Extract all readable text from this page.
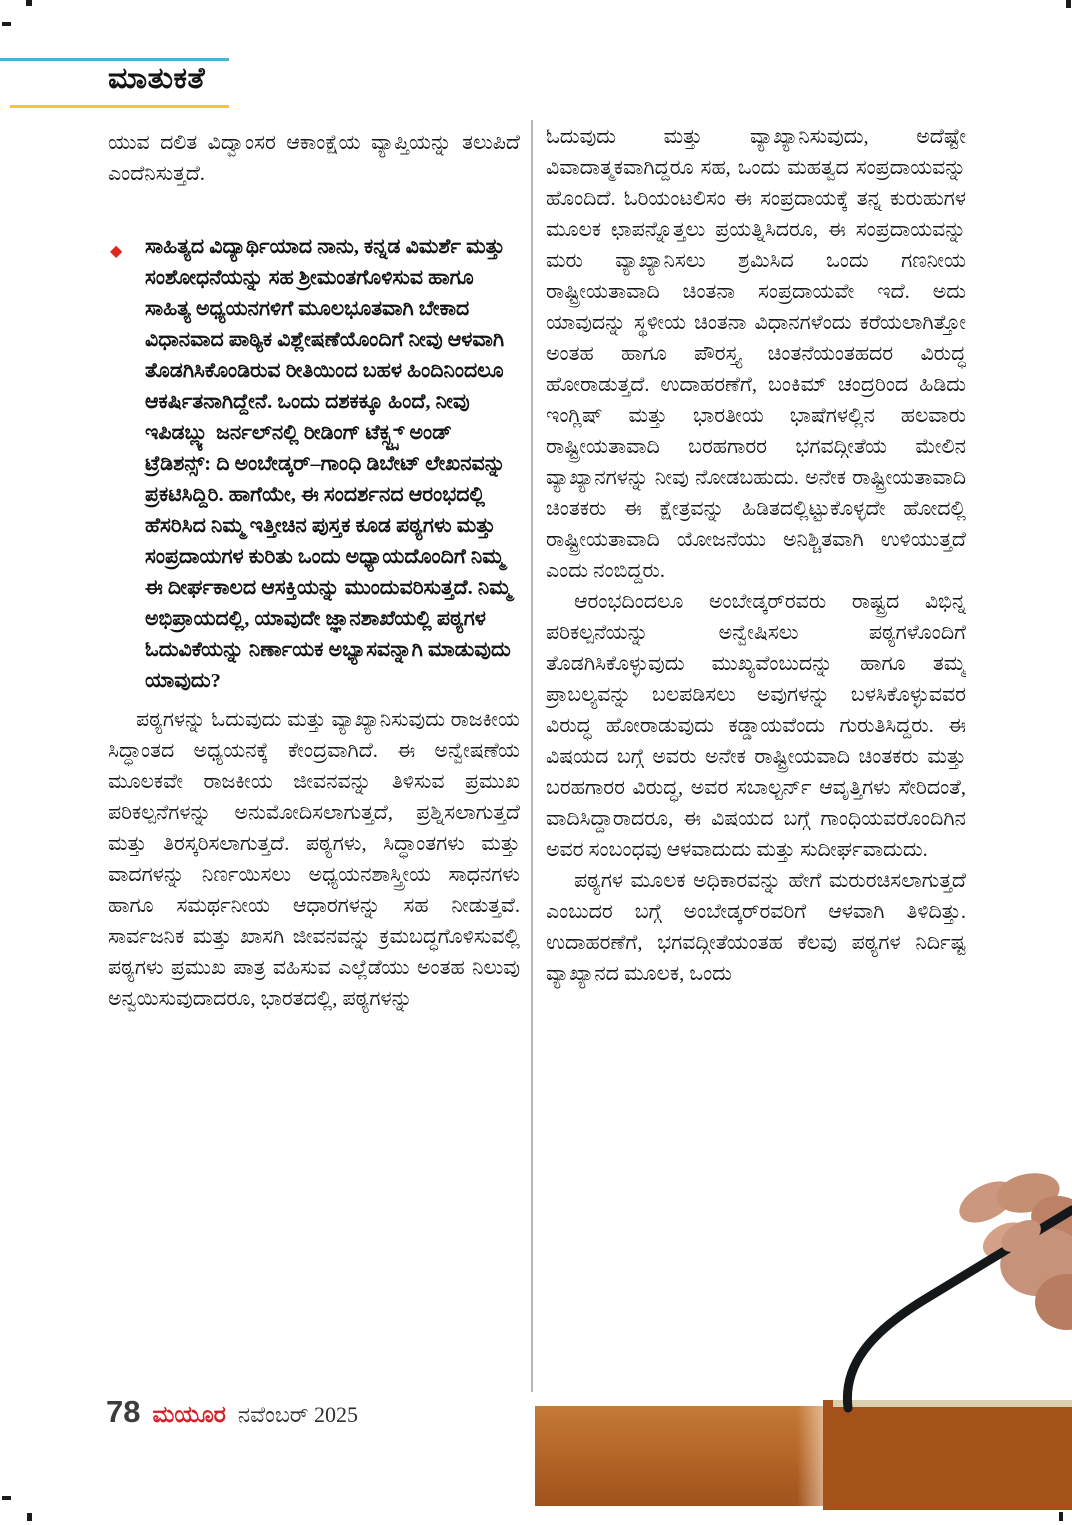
ಮಾತುಕತೆ
ಯುವ ದಲಿತ ವಿದ್ವಾಂಸರ ಆಕಾಂಕ್ಷೆಯ ವ್ಯಾಪ್ತಿಯನ್ನು ತಲುಪಿದೆ ಎಂದೆನಿಸುತ್ತದೆ.
◆ ಸಾಹಿತ್ಯದ ವಿದ್ಯಾರ್ಥಿಯಾದ ನಾನು, ಕನ್ನಡ ವಿಮರ್ಶೆ ಮತ್ತು ಸಂಶೋಧನೆಯನ್ನು ಸಹ ಶ್ರೀಮಂತಗೊಳಿಸುವ ಹಾಗೂ ಸಾಹಿತ್ಯ ಅಧ್ಯಯನಗಳಿಗೆ ಮೂಲಭೂತವಾಗಿ ಬೇಕಾದ ವಿಧಾನವಾದ ಪಾಠ್ಯಿಕ ವಿಶ್ಲೇಷಣೆಯೊಂದಿಗೆ ನೀವು ಆಳವಾಗಿ ತೊಡಗಿಸಿಕೊಂಡಿರುವ ರೀತಿಯಿಂದ ಬಹಳ ಹಿಂದಿನಿಂದಲೂ ಆಕರ್ಷಿತನಾಗಿದ್ದೇನೆ. ಒಂದು ದಶಕಕ್ಕೂ ಹಿಂದೆ, ನೀವು ಇಪಿಡಬ್ಲ್ಯು ಜರ್ನಲ್‌ನಲ್ಲಿ ರೀಡಿಂಗ್ ಟೆಕ್ಸ್ಟ್ಸ್ ಅಂಡ್ ಟ್ರೆಡಿಶನ್ಸ್: ದಿ ಅಂಬೇಡ್ಕರ್–ಗಾಂಧಿ ಡಿಬೇಟ್ ಲೇಖನವನ್ನು ಪ್ರಕಟಿಸಿದ್ದಿರಿ. ಹಾಗೆಯೇ, ಈ ಸಂದರ್ಶನದ ಆರಂಭದಲ್ಲಿ ಹೆಸರಿಸಿದ ನಿಮ್ಮ ಇತ್ತೀಚಿನ ಪುಸ್ತಕ ಕೂಡ ಪಠ್ಯಗಳು ಮತ್ತು ಸಂಪ್ರದಾಯಗಳ ಕುರಿತು ಒಂದು ಅಧ್ಯಾಯದೊಂದಿಗೆ ನಿಮ್ಮ ಈ ದೀರ್ಘಕಾಲದ ಆಸಕ್ತಿಯನ್ನು ಮುಂದುವರಿಸುತ್ತದೆ. ನಿಮ್ಮ ಅಭಿಪ್ರಾಯದಲ್ಲಿ, ಯಾವುದೇ ಜ್ಞಾನಶಾಖೆಯಲ್ಲಿ ಪಠ್ಯಗಳ ಓದುವಿಕೆಯನ್ನು ನಿರ್ಣಾಯಕ ಅಭ್ಯಾಸವನ್ನಾಗಿ ಮಾಡುವುದು ಯಾವುದು?
ಪಠ್ಯಗಳನ್ನು ಓದುವುದು ಮತ್ತು ವ್ಯಾಖ್ಯಾನಿಸುವುದು ರಾಜಕೀಯ ಸಿದ್ಧಾಂತದ ಅಧ್ಯಯನಕ್ಕೆ ಕೇಂದ್ರವಾಗಿದೆ. ಈ ಅನ್ವೇಷಣೆಯ ಮೂಲಕವೇ ರಾಜಕೀಯ ಜೀವನವನ್ನು ತಿಳಿಸುವ ಪ್ರಮುಖ ಪರಿಕಲ್ಪನೆಗಳನ್ನು ಅನುಮೋದಿಸಲಾಗುತ್ತದೆ, ಪ್ರಶ್ನಿಸಲಾಗುತ್ತದೆ ಮತ್ತು ತಿರಸ್ಕರಿಸಲಾಗುತ್ತದೆ. ಪಠ್ಯಗಳು, ಸಿದ್ಧಾಂತಗಳು ಮತ್ತು ವಾದಗಳನ್ನು ನಿರ್ಣಯಿಸಲು ಅಧ್ಯಯನಶಾಸ್ತ್ರೀಯ ಸಾಧನಗಳು ಹಾಗೂ ಸಮರ್ಥನೀಯ ಆಧಾರಗಳನ್ನು ಸಹ ನೀಡುತ್ತವೆ. ಸಾರ್ವಜನಿಕ ಮತ್ತು ಖಾಸಗಿ ಜೀವನವನ್ನು ಕ್ರಮಬದ್ಧಗೊಳಿಸುವಲ್ಲಿ ಪಠ್ಯಗಳು ಪ್ರಮುಖ ಪಾತ್ರ ವಹಿಸುವ ಎಲ್ಲೆಡೆಯು ಅಂತಹ ನಿಲುವು ಅನ್ವಯಿಸುವುದಾದರೂ, ಭಾರತದಲ್ಲಿ, ಪಠ್ಯಗಳನ್ನು
ಓದುವುದು ಮತ್ತು ವ್ಯಾಖ್ಯಾನಿಸುವುದು, ಅದೆಷ್ಟೇ ವಿವಾದಾತ್ಮಕವಾಗಿದ್ದರೂ ಸಹ, ಒಂದು ಮಹತ್ವದ ಸಂಪ್ರದಾಯವನ್ನು ಹೊಂದಿದೆ. ಓರಿಯಂಟಲಿಸಂ ಈ ಸಂಪ್ರದಾಯಕ್ಕೆ ತನ್ನ ಕುರುಹುಗಳ ಮೂಲಕ ಛಾಪನ್ನೊತ್ತಲು ಪ್ರಯತ್ನಿಸಿದರೂ, ಈ ಸಂಪ್ರದಾಯವನ್ನು ಮರು ವ್ಯಾಖ್ಯಾನಿಸಲು ಶ್ರಮಿಸಿದ ಒಂದು ಗಣನೀಯ ರಾಷ್ಟ್ರೀಯತಾವಾದಿ ಚಿಂತನಾ ಸಂಪ್ರದಾಯವೇ ಇದೆ. ಅದು ಯಾವುದನ್ನು ಸ್ಥಳೀಯ ಚಿಂತನಾ ವಿಧಾನಗಳೆಂದು ಕರೆಯಲಾಗಿತ್ತೋ ಅಂತಹ ಹಾಗೂ ಪೌರಸ್ತ್ಯ ಚಿಂತನೆಯಂತಹದರ ವಿರುದ್ಧ ಹೋರಾಡುತ್ತದೆ. ಉದಾಹರಣೆಗೆ, ಬಂಕಿಮ್ ಚಂದ್ರರಿಂದ ಹಿಡಿದು ಇಂಗ್ಲಿಷ್ ಮತ್ತು ಭಾರತೀಯ ಭಾಷೆಗಳಲ್ಲಿನ ಹಲವಾರು ರಾಷ್ಟ್ರೀಯತಾವಾದಿ ಬರಹಗಾರರ ಭಗವದ್ಗೀತೆಯ ಮೇಲಿನ ವ್ಯಾಖ್ಯಾನಗಳನ್ನು ನೀವು ನೋಡಬಹುದು. ಅನೇಕ ರಾಷ್ಟ್ರೀಯತಾವಾದಿ ಚಿಂತಕರು ಈ ಕ್ಷೇತ್ರವನ್ನು ಹಿಡಿತದಲ್ಲಿಟ್ಟುಕೊಳ್ಳದೇ ಹೋದಲ್ಲಿ ರಾಷ್ಟ್ರೀಯತಾವಾದಿ ಯೋಜನೆಯು ಅನಿಶ್ಚಿತವಾಗಿ ಉಳಿಯುತ್ತದೆ ಎಂದು ನಂಬಿದ್ದರು.
ಆರಂಭದಿಂದಲೂ ಅಂಬೇಡ್ಕರ್‌ರವರು ರಾಷ್ಟ್ರದ ವಿಭಿನ್ನ ಪರಿಕಲ್ಪನೆಯನ್ನು ಅನ್ವೇಷಿಸಲು ಪಠ್ಯಗಳೊಂದಿಗೆ ತೊಡಗಿಸಿಕೊಳ್ಳುವುದು ಮುಖ್ಯವೆಂಬುದನ್ನು ಹಾಗೂ ತಮ್ಮ ಪ್ರಾಬಲ್ಯವನ್ನು ಬಲಪಡಿಸಲು ಅವುಗಳನ್ನು ಬಳಸಿಕೊಳ್ಳುವವರ ವಿರುದ್ಧ ಹೋರಾಡುವುದು ಕಡ್ಡಾಯವೆಂದು ಗುರುತಿಸಿದ್ದರು. ಈ ವಿಷಯದ ಬಗ್ಗೆ ಅವರು ಅನೇಕ ರಾಷ್ಟ್ರೀಯವಾದಿ ಚಿಂತಕರು ಮತ್ತು ಬರಹಗಾರರ ವಿರುದ್ಧ, ಅವರ ಸಬಾಲ್ಟರ್ನ್ ಆವೃತ್ತಿಗಳು ಸೇರಿದಂತೆ, ವಾದಿಸಿದ್ದಾರಾದರೂ, ಈ ವಿಷಯದ ಬಗ್ಗೆ ಗಾಂಧಿಯವರೊಂದಿಗಿನ ಅವರ ಸಂಬಂಧವು ಆಳವಾದುದು ಮತ್ತು ಸುದೀರ್ಘವಾದುದು.
ಪಠ್ಯಗಳ ಮೂಲಕ ಅಧಿಕಾರವನ್ನು ಹೇಗೆ ಮರುರಚಿಸಲಾಗುತ್ತದೆ ಎಂಬುದರ ಬಗ್ಗೆ ಅಂಬೇಡ್ಕರ್‌ರವರಿಗೆ ಆಳವಾಗಿ ತಿಳಿದಿತ್ತು. ಉದಾಹರಣೆಗೆ, ಭಗವದ್ಗೀತೆಯಂತಹ ಕೆಲವು ಪಠ್ಯಗಳ ನಿರ್ದಿಷ್ಟ ವ್ಯಾಖ್ಯಾನದ ಮೂಲಕ, ಒಂದು
78 ಮಯೂರ ನವೆಂಬರ್ 2025
